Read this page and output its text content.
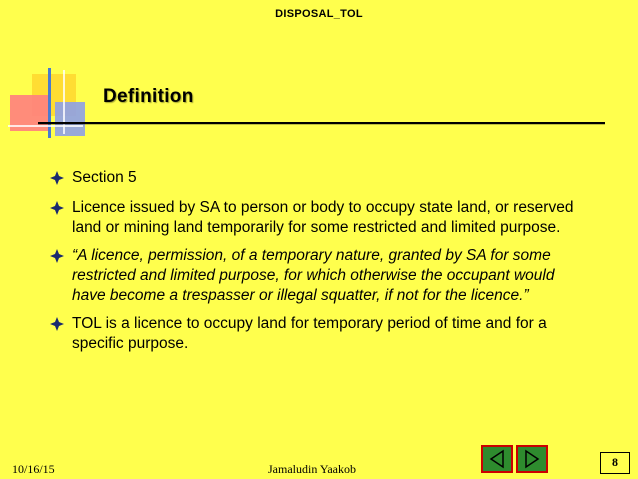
DISPOSAL_TOL
Definition
Section 5
Licence issued by SA to person or body to occupy state land, or reserved land or mining land temporarily for some restricted and limited purpose.
“A licence, permission, of a temporary nature, granted by SA for some restricted and limited purpose, for which otherwise the occupant would have become a trespasser or illegal squatter, if not for the licence.”
TOL is a licence to occupy land for temporary period of time and for a specific purpose.
10/16/15	Jamaludin Yaakob	8
